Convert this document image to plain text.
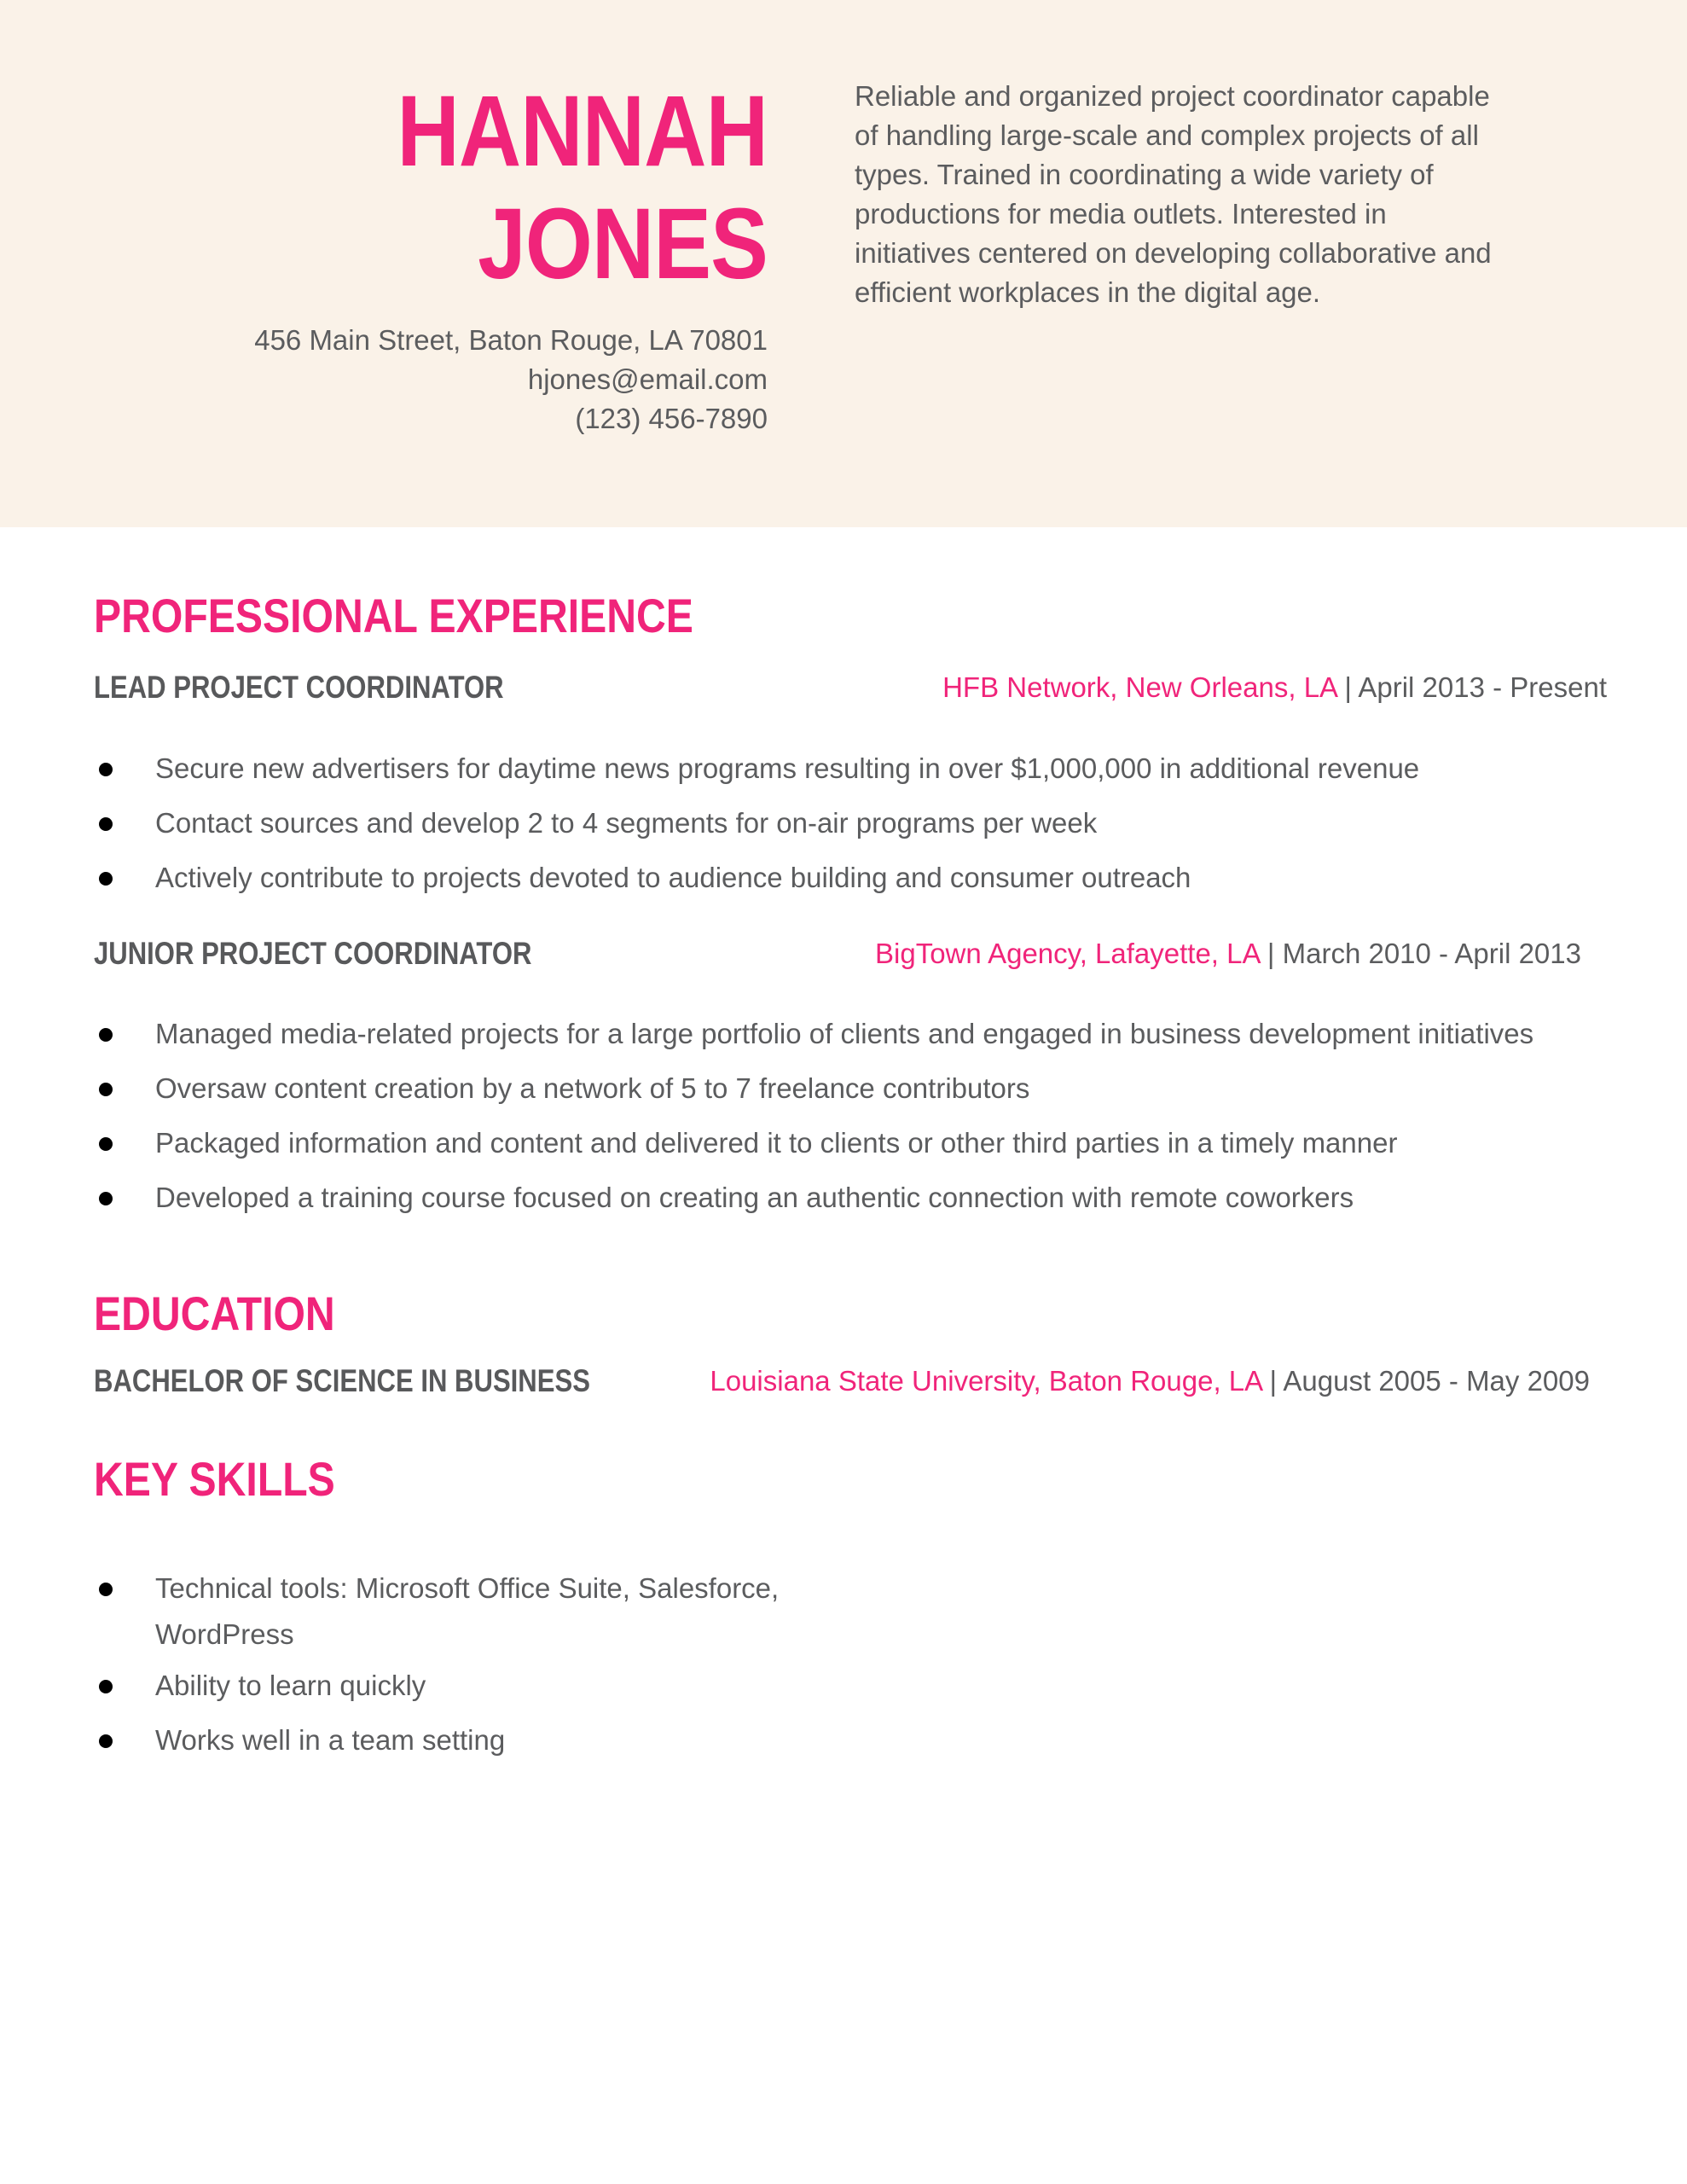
HANNAH
JONES
456 Main Street, Baton Rouge, LA 70801
hjones@email.com
(123) 456-7890
Reliable and organized project coordinator capable of handling large-scale and complex projects of all types. Trained in coordinating a wide variety of productions for media outlets. Interested in initiatives centered on developing collaborative and efficient workplaces in the digital age.
PROFESSIONAL EXPERIENCE
LEAD PROJECT COORDINATOR	HFB Network, New Orleans, LA | April 2013 - Present
Secure new advertisers for daytime news programs resulting in over $1,000,000 in additional revenue
Contact sources and develop 2 to 4 segments for on-air programs per week
Actively contribute to projects devoted to audience building and consumer outreach
JUNIOR PROJECT COORDINATOR	BigTown Agency, Lafayette, LA | March 2010 - April 2013
Managed media-related projects for a large portfolio of clients and engaged in business development initiatives
Oversaw content creation by a network of 5 to 7 freelance contributors
Packaged information and content and delivered it to clients or other third parties in a timely manner
Developed a training course focused on creating an authentic connection with remote coworkers
EDUCATION
BACHELOR OF SCIENCE IN BUSINESS	Louisiana State University, Baton Rouge, LA | August 2005 - May 2009
KEY SKILLS
Technical tools: Microsoft Office Suite, Salesforce, WordPress
Ability to learn quickly
Works well in a team setting
